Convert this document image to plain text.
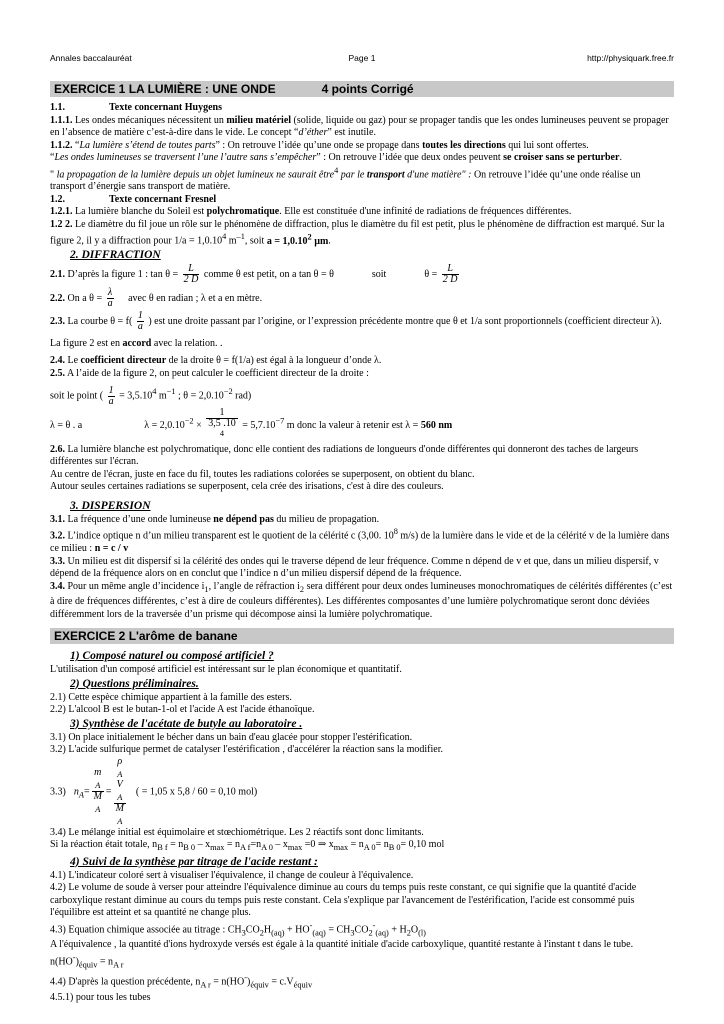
Annales baccalauréat	Page 1	http://physiquark.free.fr
EXERCICE 1 LA LUMIÈRE : UNE ONDE	4 points Corrigé

1.1.	Texte concernant Huygens

1.1.1. Les ondes mécaniques nécessitent un milieu matériel (solide, liquide ou gaz) pour se propager tandis que les ondes lumineuses peuvent se propager en l’absence de matière c’est-à-dire dans le vide. Le concept “d’éther” est inutile.

1.1.2. “La lumière s’étend de toutes parts” : On retrouve l’idée qu’une onde se propage dans toutes les directions qui lui sont offertes.

“Les ondes lumineuses se traversent l’une l’autre sans s’empêcher” : On retrouve l’idée que deux ondes peuvent se croiser sans se perturber.

" la propagation de la lumière depuis un objet lumineux ne saurait être$^4$ par le transport d'une matière" : On retrouve l’idée qu’une onde réalise un transport d’énergie sans transport de matière.

1.2.	Texte concernant Fresnel

1.2.1. La lumière blanche du Soleil est polychromatique. Elle est constituée d'une infinité de radiations de fréquences différentes.

1.2 2. Le diamètre du fil joue un rôle sur le phénomène de diffraction, plus le diamètre du fil est petit, plus le phénomène de diffraction est marqué. Sur la figure 2, il y a diffraction pour $1/a = 1,0.10^4$ $m^{-1}$, soit $a = 1,0.10^2$ µm.

2. DIFFRACTION

2.1. D’après la figure 1 : $\tan \theta = \frac{L}{2 D}$ comme θ est petit, on a tan θ = θ	soit	$\theta = \frac{L}{2 D}$

2.2. On a $\theta = \frac{\lambda}{a}$ avec θ en radian ; λ et a en mètre.

2.3. La courbe $\theta = f( \frac{1}{a}$ ) est une droite passant par l’origine, or l’expression précédente montre que θ et 1/a sont proportionnels (coefficient directeur λ). La figure 2 est en accord avec la relation. .

2.4. Le coefficient directeur de la droite θ = f(1/a) est égal à la longueur d’onde λ.

2.5. A l’aide de la figure 2, on peut calculer le coefficient directeur de la droite :

soit le point ( $\frac{1}{a} = 3,5.10^4$ $m^{-1}$ ; $\theta = 2,0.10^{-2}$ rad)

λ = θ . a	$\lambda = 2,0.10^{-2} \times 1$
3,5 .10
$^4 = 5,7.10^{-7}$ m donc la valeur à retenir est λ = 560 nm

2.6. La lumière blanche est polychromatique, donc elle contient des radiations de longueurs d'onde différentes qui donneront des taches de largeurs différentes sur l'écran.

Au centre de l'écran, juste en face du fil, toutes les radiations colorées se superposent, on obtient du blanc.

Autour seules certaines radiations se superposent, cela crée des irisations, c'est à dire des couleurs.

3. DISPERSION

3.1. La fréquence d’une onde lumineuse ne dépend pas du milieu de propagation.

3.2. L’indice optique n d’un milieu transparent est le quotient de la célérité c (3,00. $10^8$ m/s) de la lumière dans le vide et de la célérité v de la lumière dans ce milieu : n = c / v

3.3. Un milieu est dit dispersif si la célérité des ondes qui le traverse dépend de leur fréquence. Comme n dépend de v et que, dans un milieu dispersif, v dépend de la fréquence alors on en conclut que l’indice n d’un milieu dispersif dépend de la fréquence.

3.4. Pour un même angle d’incidence $i_1$, l’angle de réfraction $i_2$ sera différent pour deux ondes lumineuses monochromatiques de célérités différentes (c’est à dire de fréquences différentes, c’est à dire de couleurs différentes). Les différentes composantes d’une lumière polychromatique seront donc déviées différemment lors de la traversée d’un prisme qui décompose ainsi la lumière polychromatique.

EXERCICE 2 L'arôme de banane

1) Composé naturel ou composé artificiel ?

L'utilisation d'un composé artificiel est intéressant sur le plan économique et quantitatif.

2) Questions préliminaires.

2.1) Cette espèce chimique appartient à la famille des esters.

2.2) L'alcool B est le butan-1-ol et l'acide A est l'acide éthanoïque.

3) Synthèse de l'acétate de butyle au laboratoire .

3.1) On place initialement le bécher dans un bain d'eau glacée pour stopper l'estérification.

3.2) L'acide sulfurique permet de catalyser l'estérification , d'accélérer la réaction sans la modifier.

3.3) $n_A= m$
$_A$
M
$_A$ = ρ
$_A$
V
$_A$
M
$_A$ ( = 1,05 x 5,8 / 60 = 0,10 mol)

3.4) Le mélange initial est équimolaire et stœchiométrique. Les 2 réactifs sont donc limitants.

Si la réaction était totale, $n_{B f} = n_{B 0} - x_{max} = n_{A f}=n_{A 0} - x_{max} =0$ ⇒ $x_{max} = n_{A 0}= n_{B 0}= 0,10$ mol

4) Suivi de la synthèse par titrage de l'acide restant :

4.1) L'indicateur coloré sert à visualiser l'équivalence, il change de couleur à l'équivalence.

4.2) Le volume de soude à verser pour atteindre l'équivalence diminue au cours du temps puis reste constant, ce qui signifie que la quantité d'acide carboxylique restant diminue au cours du temps puis reste constant. Cela s'explique par l'avancement de l'estérification, l'acide est consommé puis l'équilibre est atteint et sa quantité ne change plus.

4.3) Equation chimique associée au titrage : $CH_3CO_2H_{(aq)} + HO^-_{(aq)} = CH_3CO_2^-_{(aq)} + H_2O_{(l)}$

A l'équivalence , la quantité d'ions hydroxyde versés est égale à la quantité initiale d'acide carboxylique, quantité restante à l'instant t dans le tube. $n(HO^-)_{équiv} = n_{A r}$

4.4) D'après la question précédente, $n_{A r} = n(HO^-)_{équiv} = c.V_{équiv}$

4.5.1) pour tous les tubes
